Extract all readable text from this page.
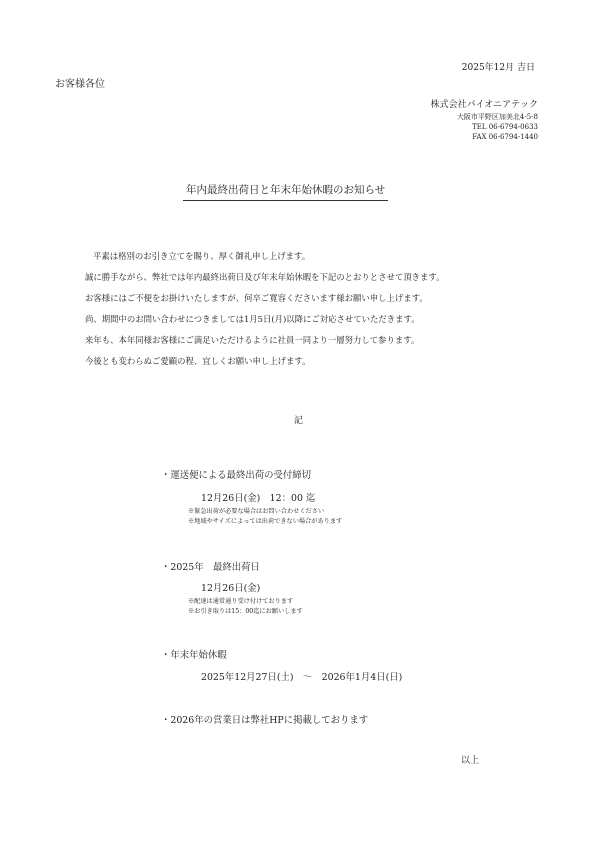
2025年12月 吉日
お客様各位
株式会社パイオニアテック
大阪市平野区加美北4-5-8
TEL 06-6794-0633
FAX 06-6794-1440
年内最終出荷日と年末年始休暇のお知らせ
平素は格別のお引き立てを賜り、厚く御礼申し上げます。
誠に勝手ながら、弊社では年内最終出荷日及び年末年始休暇を下記のとおりとさせて頂きます。
お客様にはご不便をお掛けいたしますが、何卒ご寛容くださいます様お願い申し上げます。
尚、期間中のお問い合わせにつきましては1月5日(月)以降にご対応させていただきます。
来年も、本年同様お客様にご満足いただけるように社員一同より一層努力して参ります。
今後とも変わらぬご愛顧の程、宜しくお願い申し上げます。
記
・運送便による最終出荷の受付締切
12月26日(金)　12：00 迄
※緊急出荷が必要な場合はお問い合わせください
※地域やサイズによっては出荷できない場合があります
・2025年　最終出荷日
12月26日(金)
※配達は通常通り受け付けております
※お引き取りは15：00迄にお願いします
・年末年始休暇
2025年12月27日(土)　～　2026年1月4日(日)
・2026年の営業日は弊社HPに掲載しております
以上
